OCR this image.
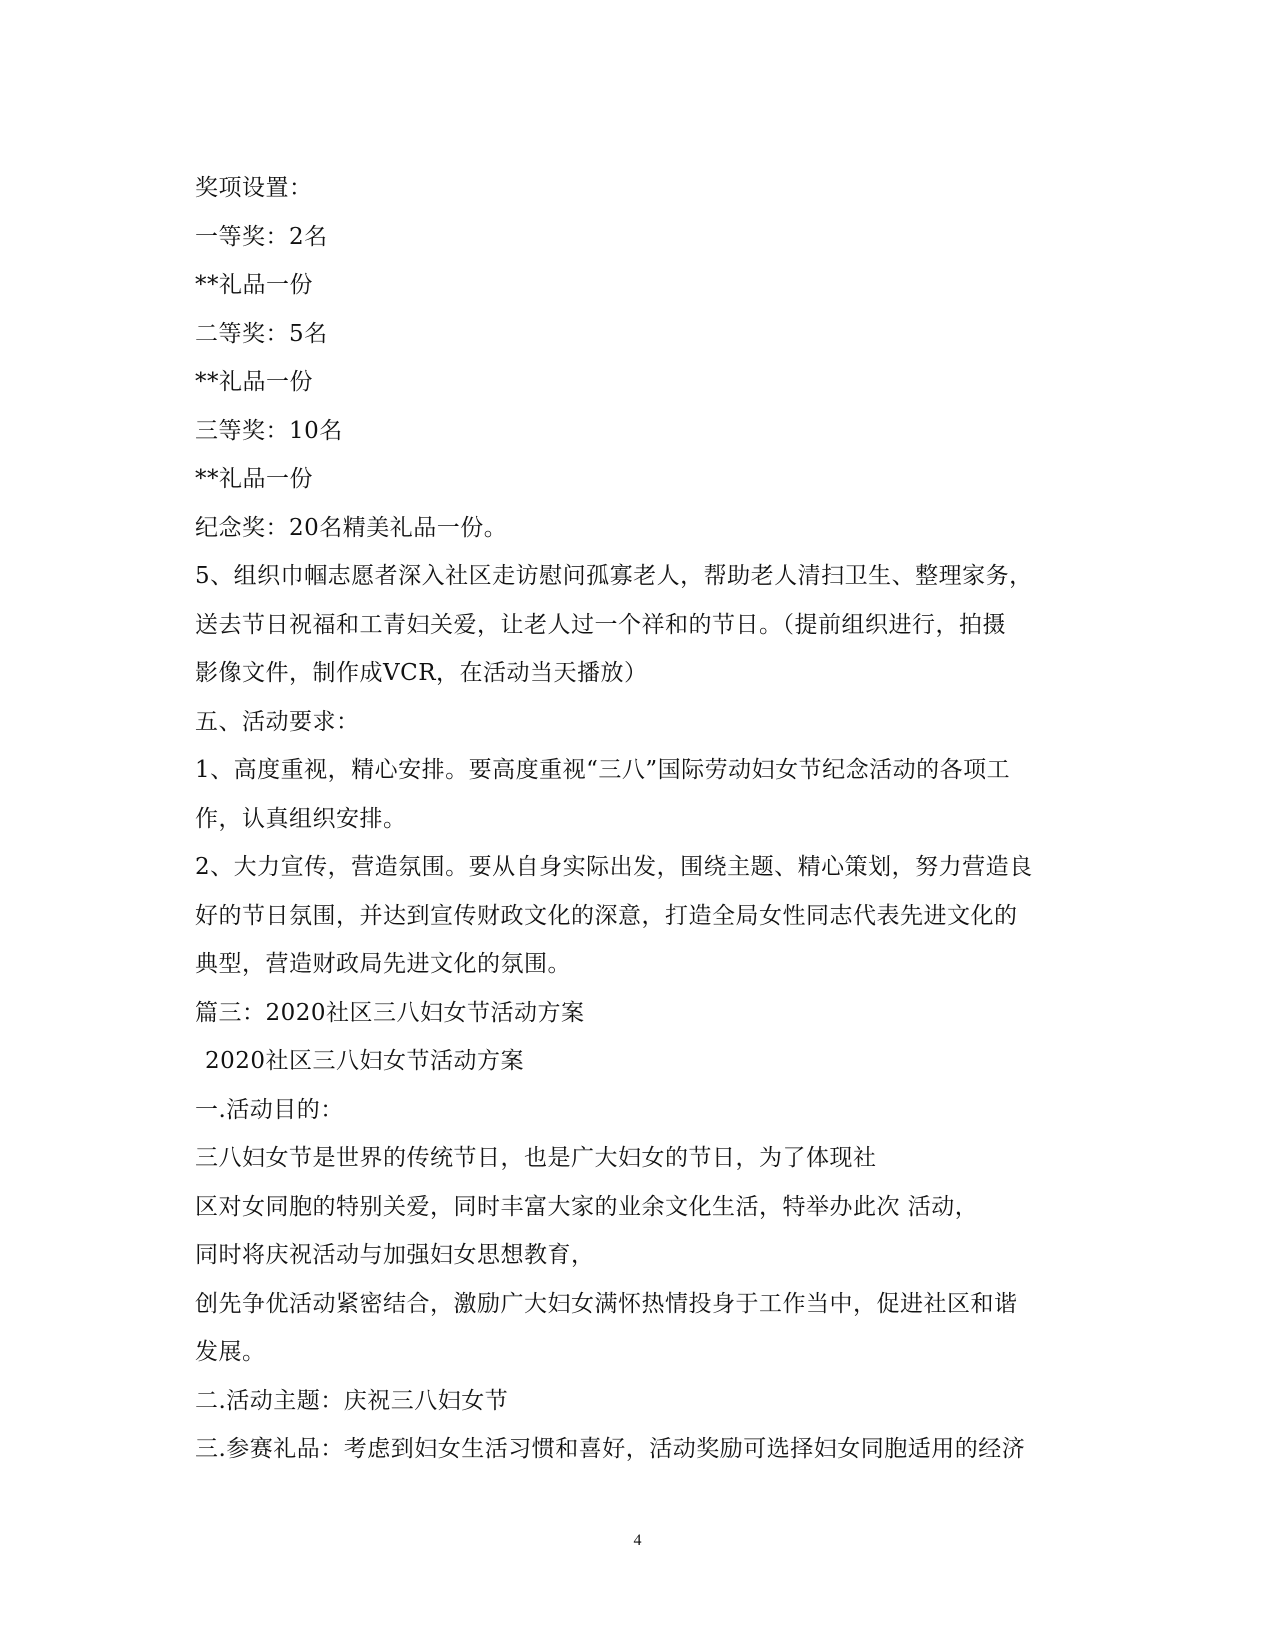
奖项设置：
一等奖：2名
**礼品一份
二等奖：5名
**礼品一份
三等奖：10名
**礼品一份
纪念奖：20名精美礼品一份。
5、组织巾帼志愿者深入社区走访慰问孤寡老人，帮助老人清扫卫生、整理家务，
送去节日祝福和工青妇关爱，让老人过一个祥和的节日。（提前组织进行，拍摄
影像文件，制作成VCR，在活动当天播放）
五、活动要求：
1、高度重视，精心安排。要高度重视“三八”国际劳动妇女节纪念活动的各项工
作，认真组织安排。
2、大力宣传，营造氛围。要从自身实际出发，围绕主题、精心策划，努力营造良
好的节日氛围，并达到宣传财政文化的深意，打造全局女性同志代表先进文化的
典型，营造财政局先进文化的氛围。
篇三：2020社区三八妇女节活动方案
2020社区三八妇女节活动方案
一.活动目的：
三八妇女节是世界的传统节日，也是广大妇女的节日，为了体现社
区对女同胞的特别关爱，同时丰富大家的业余文化生活，特举办此次 活动，
同时将庆祝活动与加强妇女思想教育，
创先争优活动紧密结合，激励广大妇女满怀热情投身于工作当中，促进社区和谐
发展。
二.活动主题：庆祝三八妇女节
三.参赛礼品：考虑到妇女生活习惯和喜好，活动奖励可选择妇女同胞适用的经济
4
